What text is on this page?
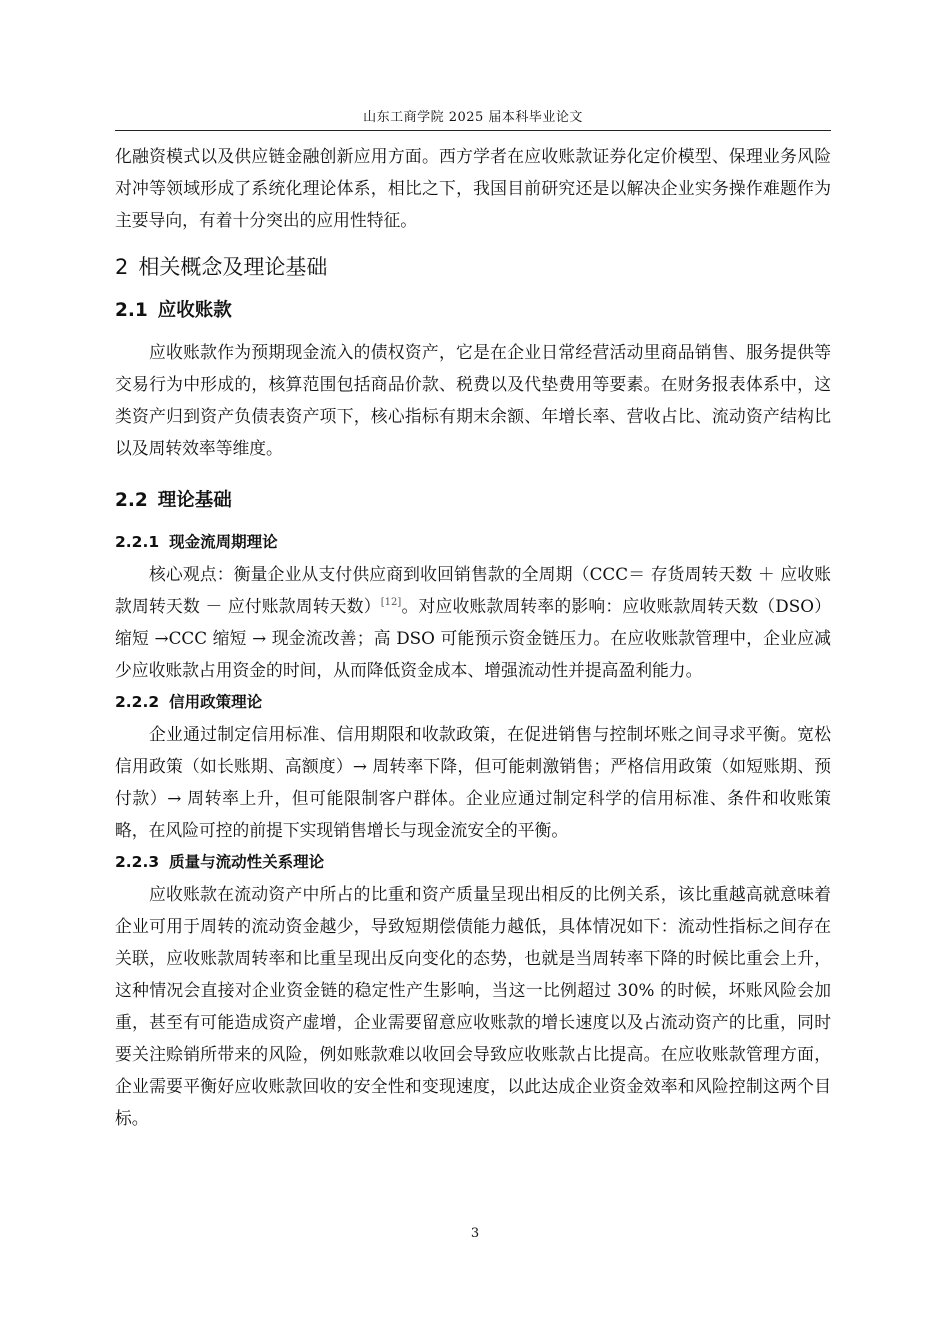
山东工商学院 2025 届本科毕业论文

化融资模式以及供应链金融创新应用方面。西方学者在应收账款证券化定价模型、保理业务风险对冲等领域形成了系统化理论体系，相比之下，我国目前研究还是以解决企业实务操作难题作为主要导向，有着十分突出的应用性特征。

2 相关概念及理论基础
2.1 应收账款

应收账款作为预期现金流入的债权资产，它是在企业日常经营活动里商品销售、服务提供等交易行为中形成的，核算范围包括商品价款、税费以及代垫费用等要素。在财务报表体系中，这类资产归到资产负债表资产项下，核心指标有期末余额、年增长率、营收占比、流动资产结构比以及周转效率等维度。

2.2 理论基础
2.2.1 现金流周期理论

核心观点：衡量企业从支付供应商到收回销售款的全周期（CCC＝ 存货周转天数 ＋ 应收账款周转天数 － 应付账款周转天数）[12]。对应收账款周转率的影响：应收账款周转天数（DSO）缩短 →CCC 缩短 → 现金流改善；高 DSO 可能预示资金链压力。在应收账款管理中，企业应减少应收账款占用资金的时间，从而降低资金成本、增强流动性并提高盈利能力。

2.2.2 信用政策理论

企业通过制定信用标准、信用期限和收款政策，在促进销售与控制坏账之间寻求平衡。宽松信用政策（如长账期、高额度）→ 周转率下降，但可能刺激销售；严格信用政策（如短账期、预付款）→ 周转率上升，但可能限制客户群体。企业应通过制定科学的信用标准、条件和收账策略，在风险可控的前提下实现销售增长与现金流安全的平衡。

2.2.3 质量与流动性关系理论

应收账款在流动资产中所占的比重和资产质量呈现出相反的比例关系，该比重越高就意味着企业可用于周转的流动资金越少，导致短期偿债能力越低，具体情况如下：流动性指标之间存在关联，应收账款周转率和比重呈现出反向变化的态势，也就是当周转率下降的时候比重会上升，这种情况会直接对企业资金链的稳定性产生影响，当这一比例超过 30% 的时候，坏账风险会加重，甚至有可能造成资产虚增，企业需要留意应收账款的增长速度以及占流动资产的比重，同时要关注赊销所带来的风险，例如账款难以收回会导致应收账款占比提高。在应收账款管理方面，企业需要平衡好应收账款回收的安全性和变现速度，以此达成企业资金效率和风险控制这两个目标。

3
